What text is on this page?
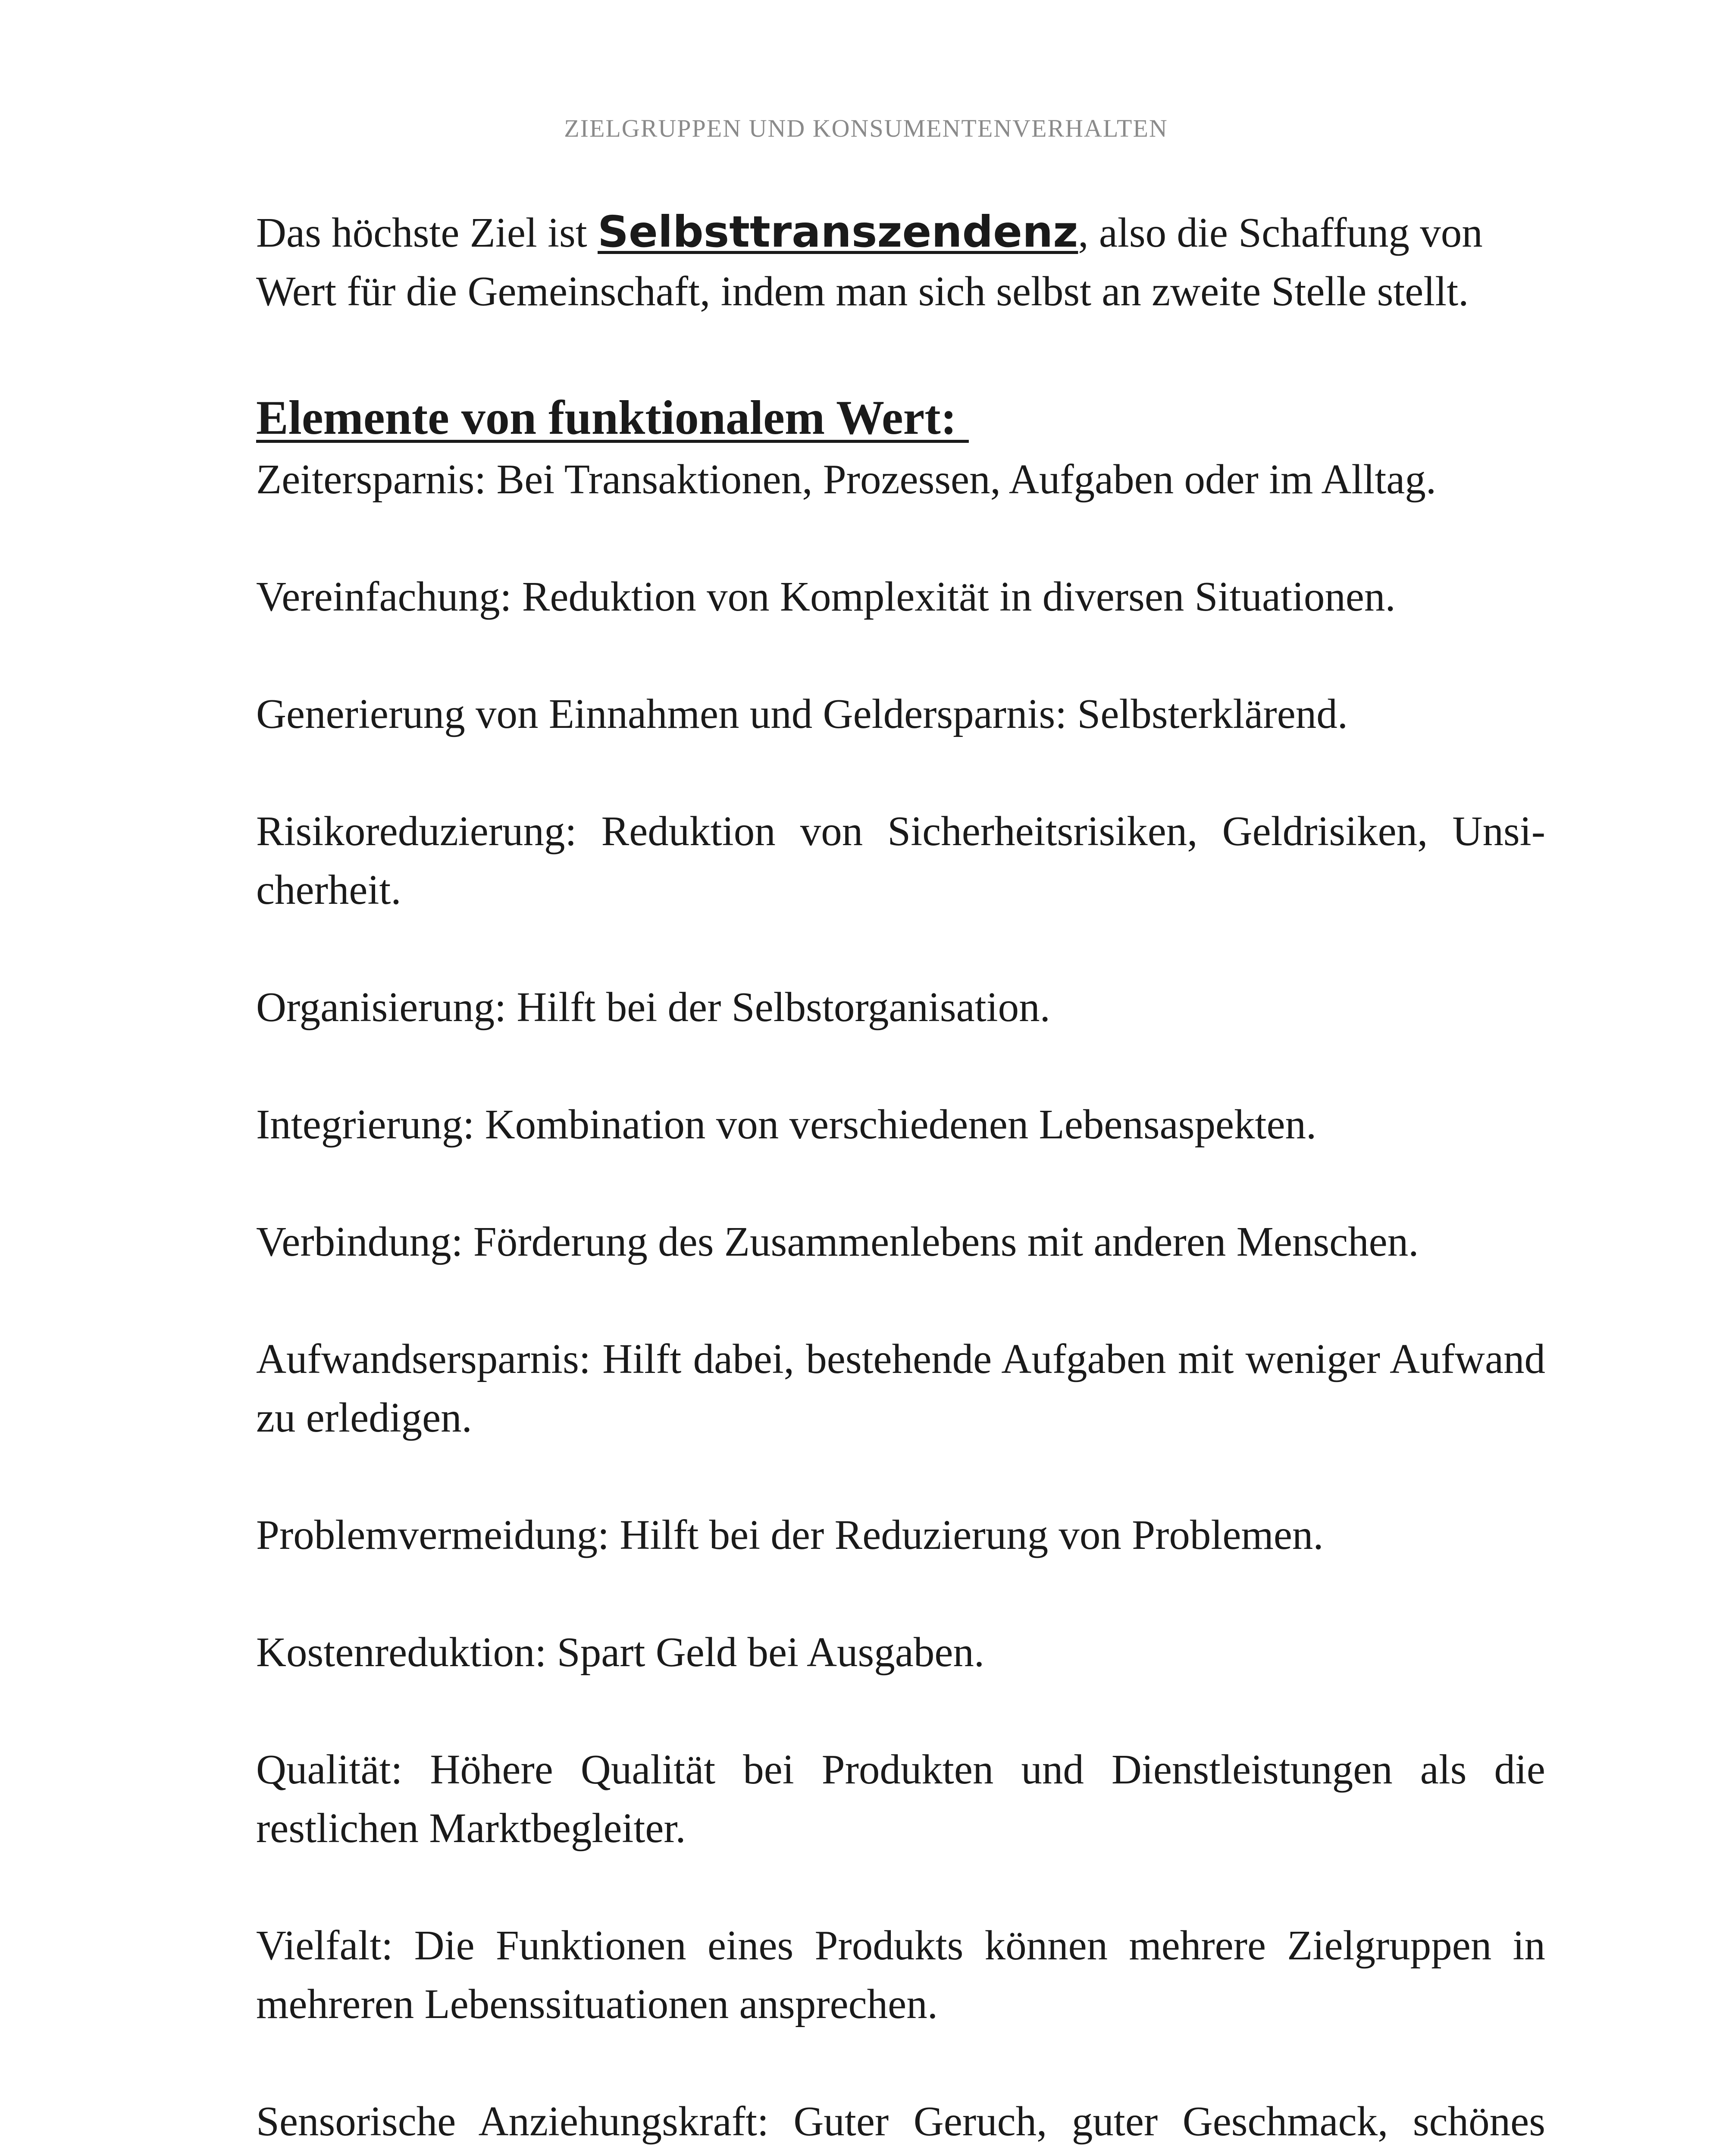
ZIELGRUPPEN UND KONSUMENTENVERHALTEN

Das höchste Ziel ist Selbsttranszendenz, also die Schaffung von Wert für die Gemeinschaft, indem man sich selbst an zweite Stelle stellt.

Elemente von funktionalem Wert:
Zeitersparnis: Bei Transaktionen, Prozessen, Aufgaben oder im Alltag.
Vereinfachung: Reduktion von Komplexität in diversen Situationen.
Generierung von Einnahmen und Geldersparnis: Selbsterklärend.
Risikoreduzierung: Reduktion von Sicherheitsrisiken, Geldrisiken, Unsicherheit.
Organisierung: Hilft bei der Selbstorganisation.
Integrierung: Kombination von verschiedenen Lebensaspekten.
Verbindung: Förderung des Zusammenlebens mit anderen Menschen.
Aufwandsersparnis: Hilft dabei, bestehende Aufgaben mit weniger Aufwand zu erledigen.
Problemvermeidung: Hilft bei der Reduzierung von Problemen.
Kostenreduktion: Spart Geld bei Ausgaben.
Qualität: Höhere Qualität bei Produkten und Dienstleistungen als die restlichen Marktbegleiter.
Vielfalt: Die Funktionen eines Produkts können mehrere Zielgruppen in mehreren Lebenssituationen ansprechen.
Sensorische Anziehungskraft: Guter Geruch, guter Geschmack, schönes
